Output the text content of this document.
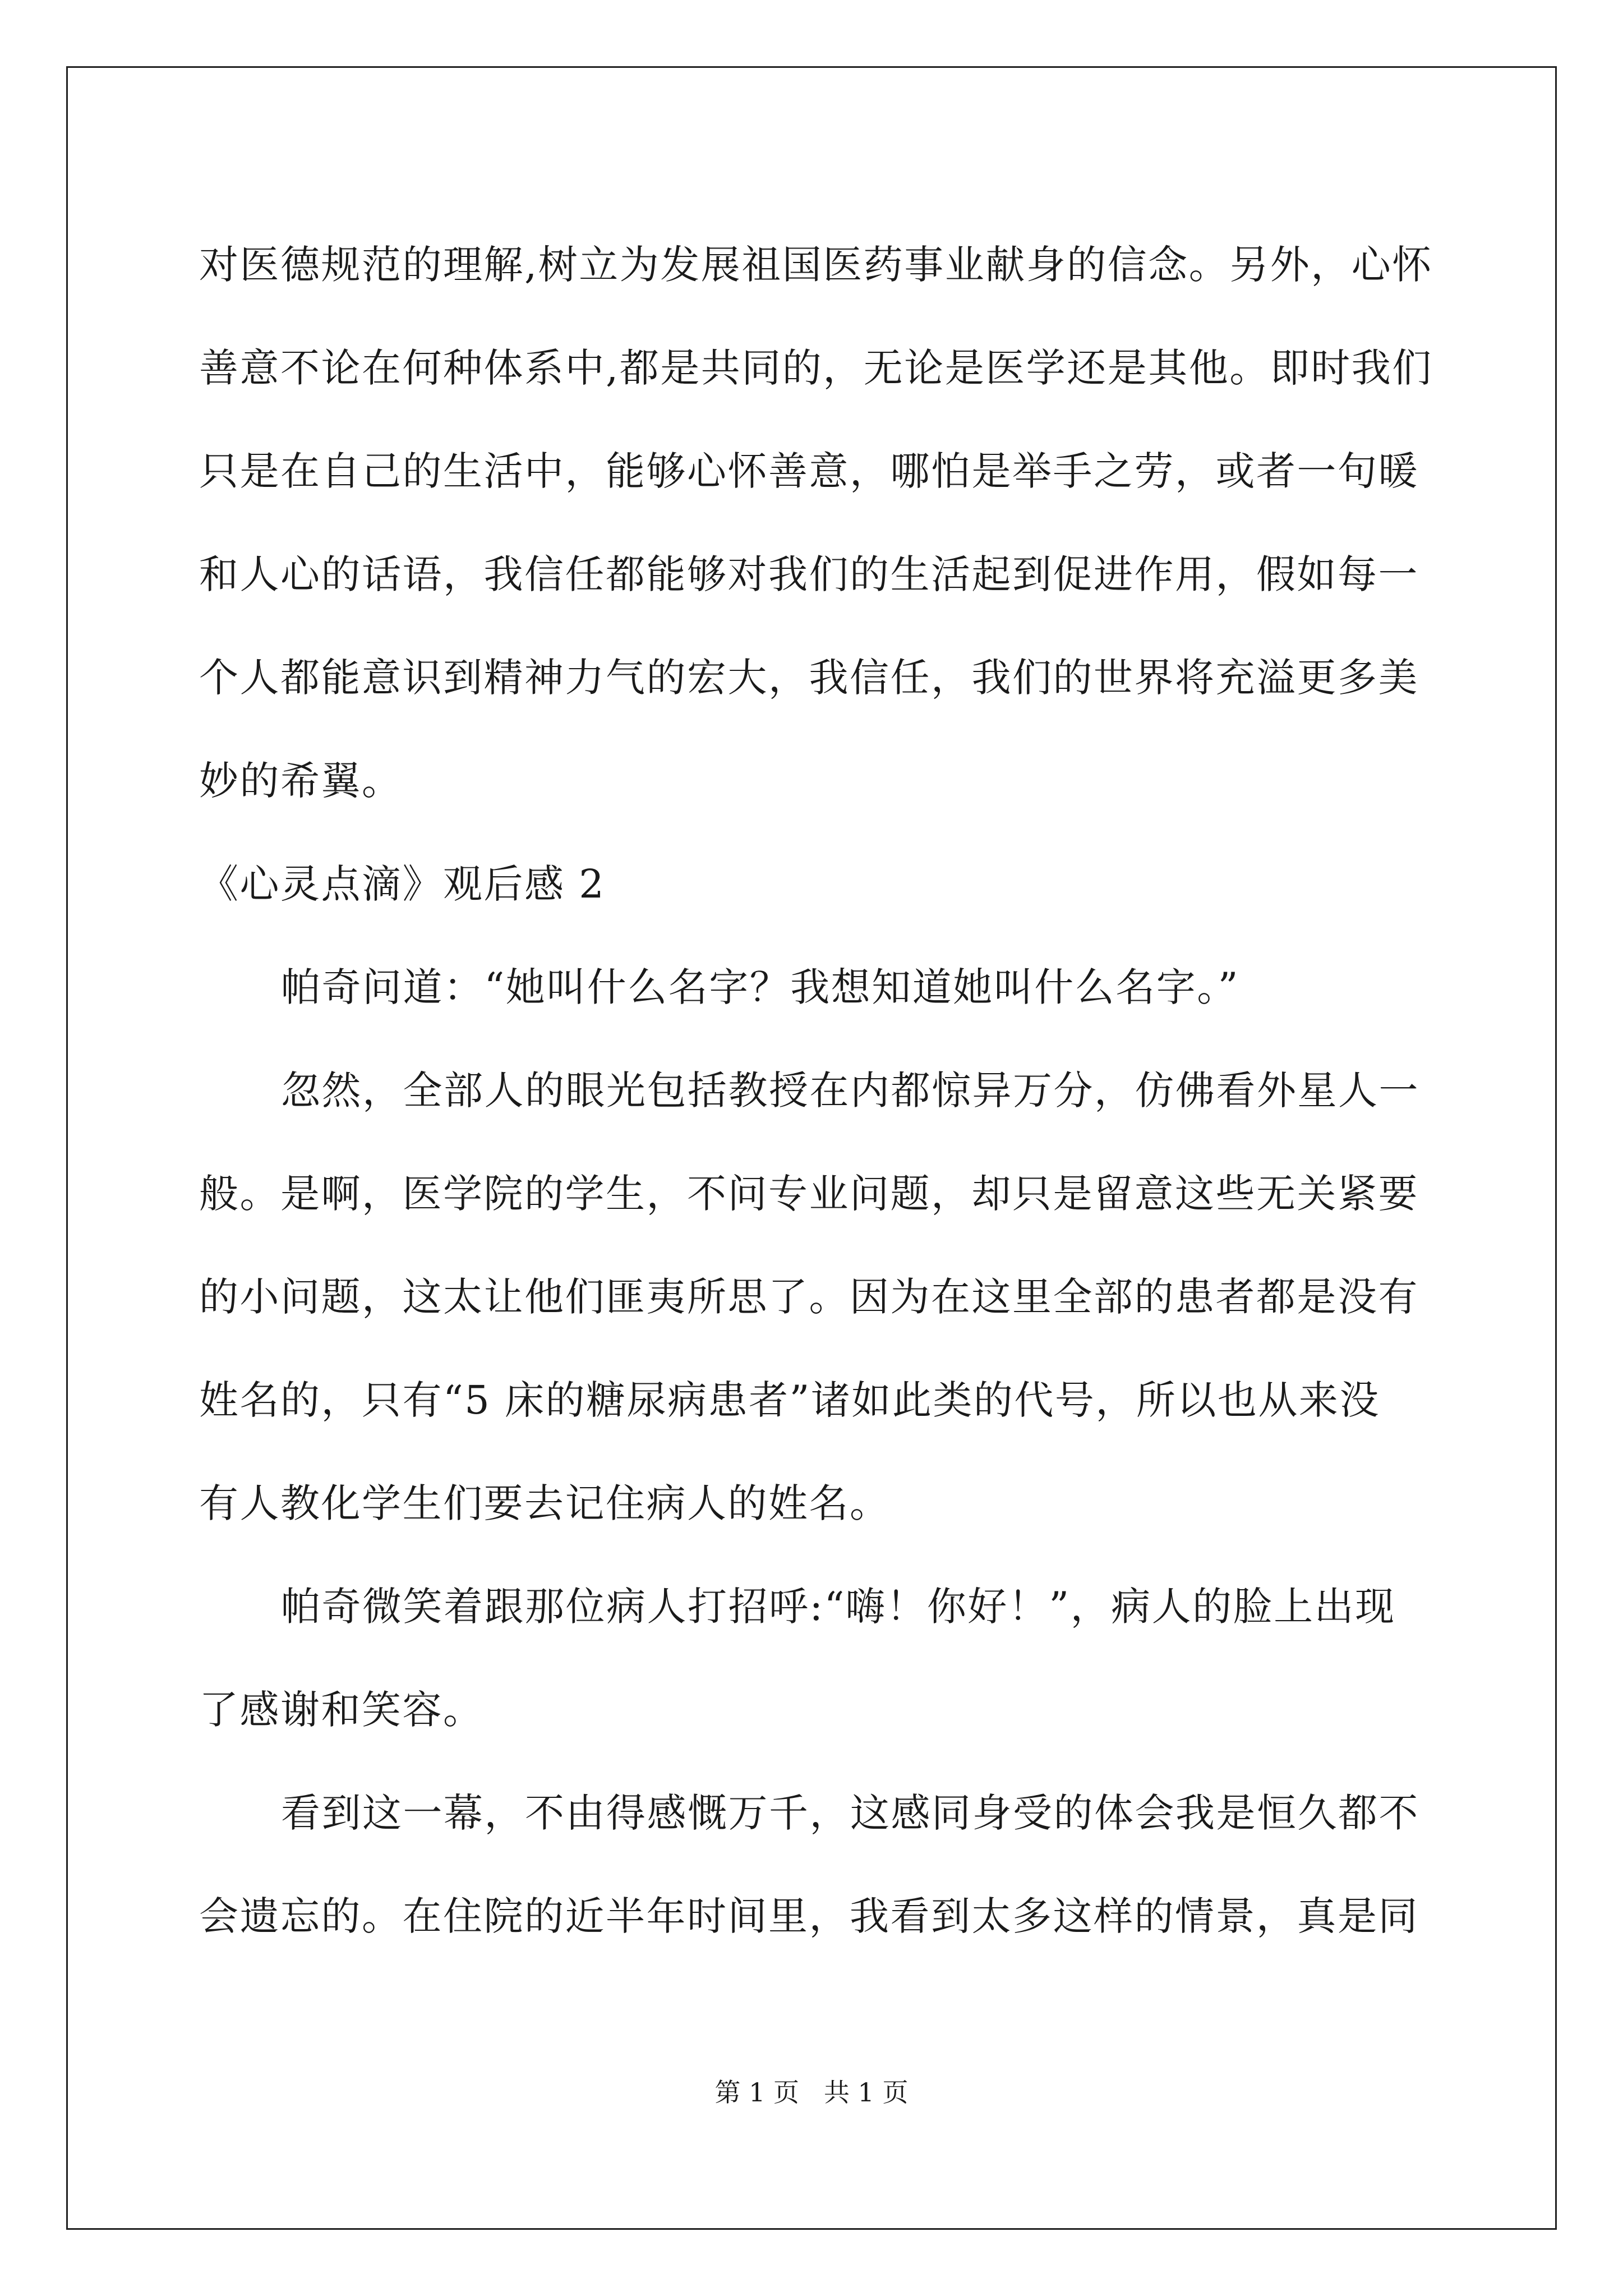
对医德规范的理解,树立为发展祖国医药事业献身的信念。另外，心怀
善意不论在何种体系中,都是共同的，无论是医学还是其他。即时我们
只是在自己的生活中，能够心怀善意，哪怕是举手之劳，或者一句暖
和人心的话语，我信任都能够对我们的生活起到促进作用，假如每一
个人都能意识到精神力气的宏大，我信任，我们的世界将充溢更多美
妙的希翼。
《心灵点滴》观后感 2
帕奇问道：“她叫什么名字？我想知道她叫什么名字。”
忽然，全部人的眼光包括教授在内都惊异万分，仿佛看外星人一
般。是啊，医学院的学生，不问专业问题，却只是留意这些无关紧要
的小问题，这太让他们匪夷所思了。因为在这里全部的患者都是没有
姓名的，只有“5 床的糖尿病患者”诸如此类的代号，所以也从来没
有人教化学生们要去记住病人的姓名。
帕奇微笑着跟那位病人打招呼:“嗨！你好！”，病人的脸上出现
了感谢和笑容。
看到这一幕，不由得感慨万千，这感同身受的体会我是恒久都不
会遗忘的。在住院的近半年时间里，我看到太多这样的情景，真是同
第 1 页 共 1 页
